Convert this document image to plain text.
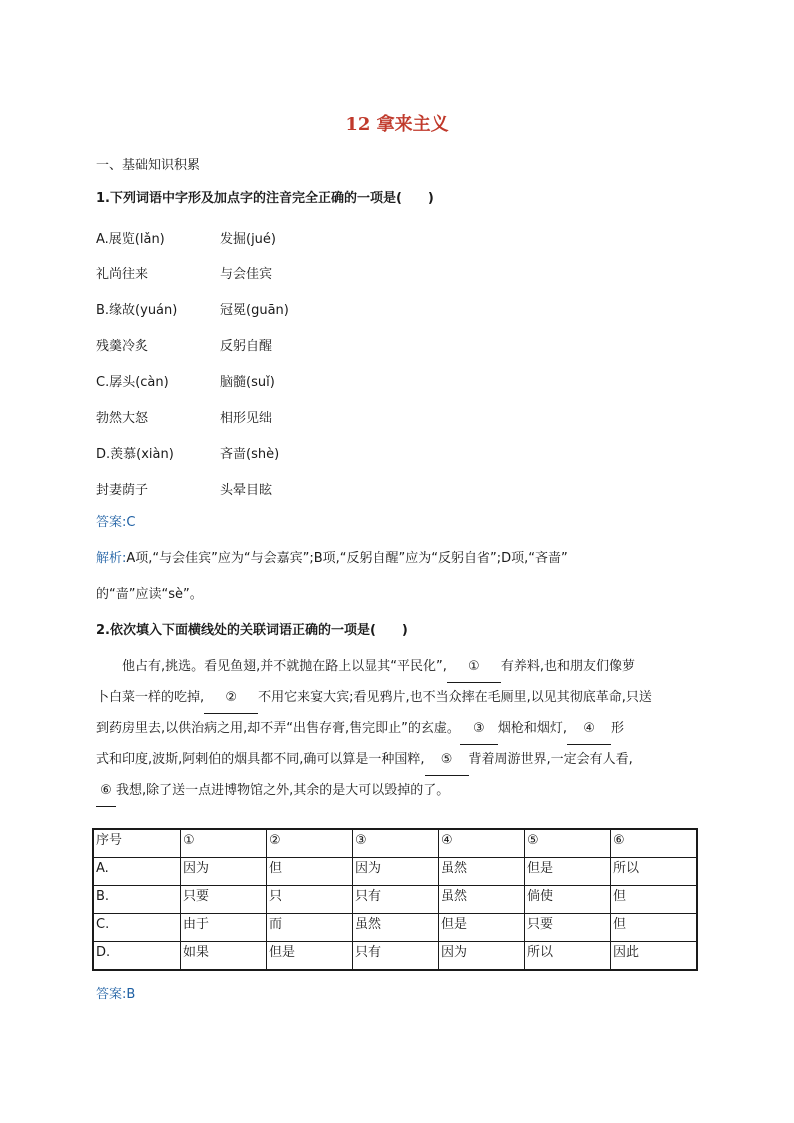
12 拿来主义
一、基础知识积累
1.下列词语中字形及加点字的注音完全正确的一项是(　　)
A.展览(lǎn)	发掘(jué)
礼尚往来	与会佳宾
B.缘故(yuán)	冠冕(guān)
残羹冷炙	反躬自醒
C.孱头(càn)	脑髓(suǐ)
勃然大怒	相形见绌
D.羡慕(xiàn)	吝啬(shè)
封妻荫子	头晕目眩
答案:C
解析:A项,“与会佳宾”应为“与会嘉宾”;B项,“反躬自醒”应为“反躬自省”;D项,“吝啬”
的“啬”应读“sè”。
2.依次填入下面横线处的关联词语正确的一项是(　　)
他占有,挑选。看见鱼翅,并不就抛在路上以显其“平民化”, ① 有养料,也和朋友们像萝
卜白菜一样的吃掉, ② 不用它来宴大宾;看见鸦片,也不当众摔在毛厕里,以见其彻底革命,只送
到药房里去,以供治病之用,却不弄“出售存膏,售完即止”的玄虚。 ③ 烟枪和烟灯, ④ 形
式和印度,波斯,阿剌伯的烟具都不同,确可以算是一种国粹, ⑤ 背着周游世界,一定会有人看,
⑥ 我想,除了送一点进博物馆之外,其余的是大可以毁掉的了。
序号	①	②	③	④	⑤	⑥
A.	因为	但	因为	虽然	但是	所以
B.	只要	只	只有	虽然	倘使	但
C.	由于	而	虽然	但是	只要	但
D.	如果	但是	只有	因为	所以	因此
答案:B
